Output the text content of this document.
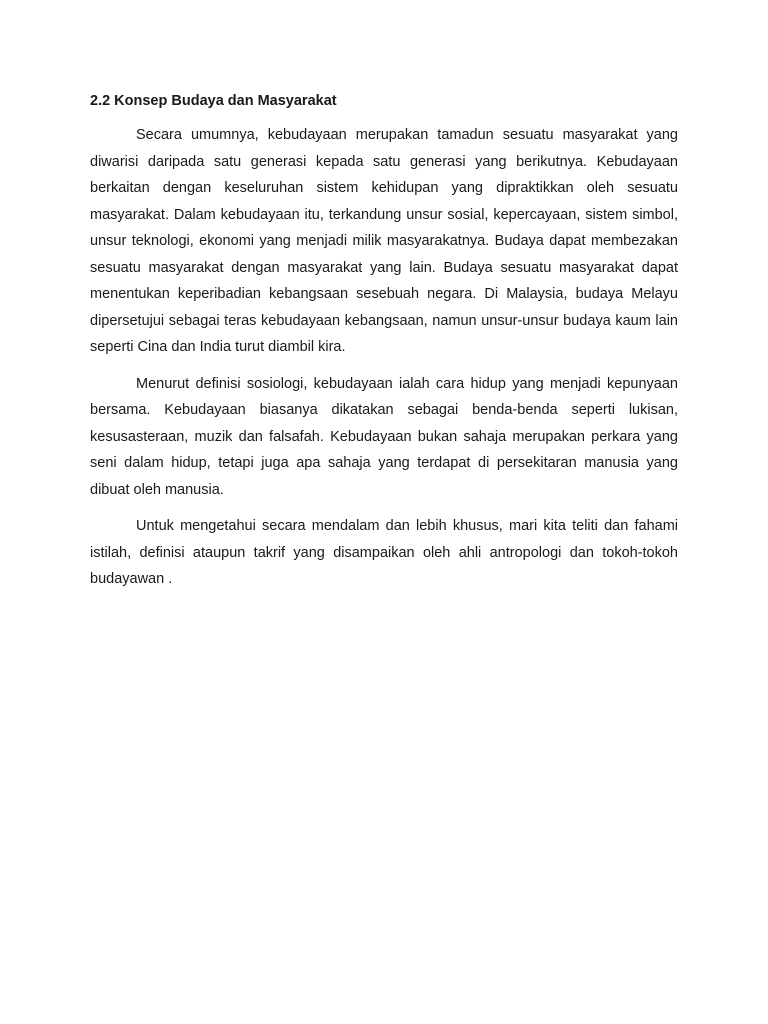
2.2 Konsep Budaya dan Masyarakat

Secara umumnya, kebudayaan merupakan tamadun sesuatu masyarakat yang diwarisi daripada satu generasi kepada satu generasi yang berikutnya. Kebudayaan berkaitan dengan keseluruhan sistem kehidupan yang dipraktikkan oleh sesuatu masyarakat. Dalam kebudayaan itu, terkandung unsur sosial, kepercayaan, sistem simbol, unsur teknologi, ekonomi yang menjadi milik masyarakatnya. Budaya dapat membezakan sesuatu masyarakat dengan masyarakat yang lain. Budaya sesuatu masyarakat dapat menentukan keperibadian kebangsaan sesebuah negara. Di Malaysia, budaya Melayu dipersetujui sebagai teras kebudayaan kebangsaan, namun unsur-unsur budaya kaum lain seperti Cina dan India turut diambil kira.

Menurut definisi sosiologi, kebudayaan ialah cara hidup yang menjadi kepunyaan bersama. Kebudayaan biasanya dikatakan sebagai benda-benda seperti lukisan, kesusasteraan, muzik dan falsafah. Kebudayaan bukan sahaja merupakan perkara yang seni dalam hidup, tetapi juga apa sahaja yang terdapat di persekitaran manusia yang dibuat oleh manusia.

Untuk mengetahui secara mendalam dan lebih khusus, mari kita teliti dan fahami istilah, definisi ataupun takrif yang disampaikan oleh ahli antropologi dan tokoh-tokoh budayawan .
